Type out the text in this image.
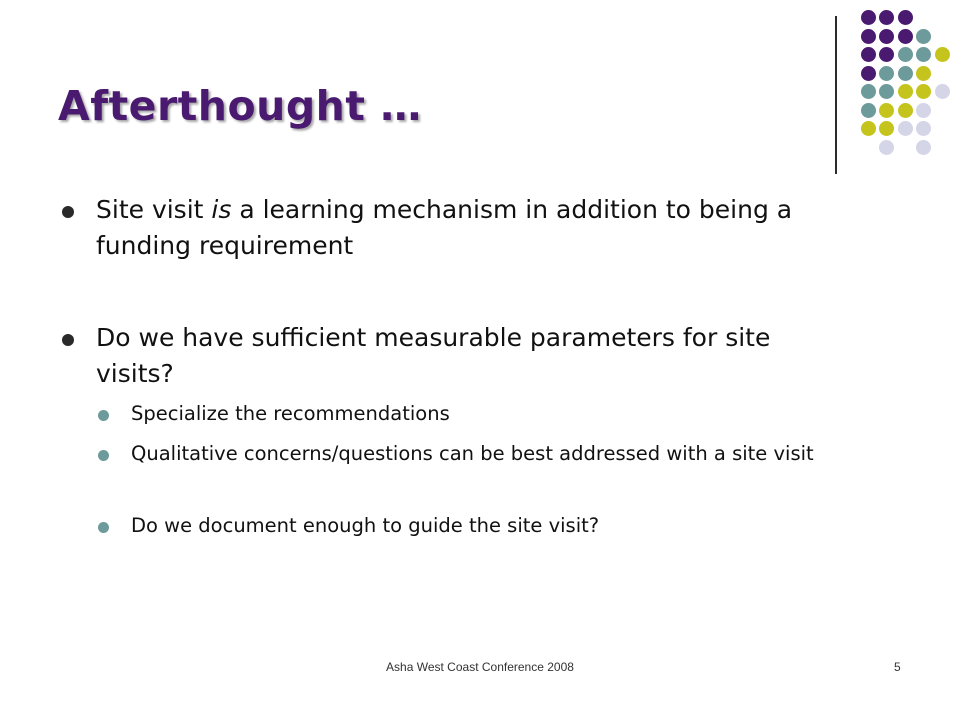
Afterthought …
Site visit is a learning mechanism in addition to being a funding requirement
Do we have sufficient measurable parameters for site visits?
Specialize the recommendations
Qualitative concerns/questions can be best addressed with a site visit
Do we document enough to guide the site visit?
Asha West Coast Conference 2008	5
